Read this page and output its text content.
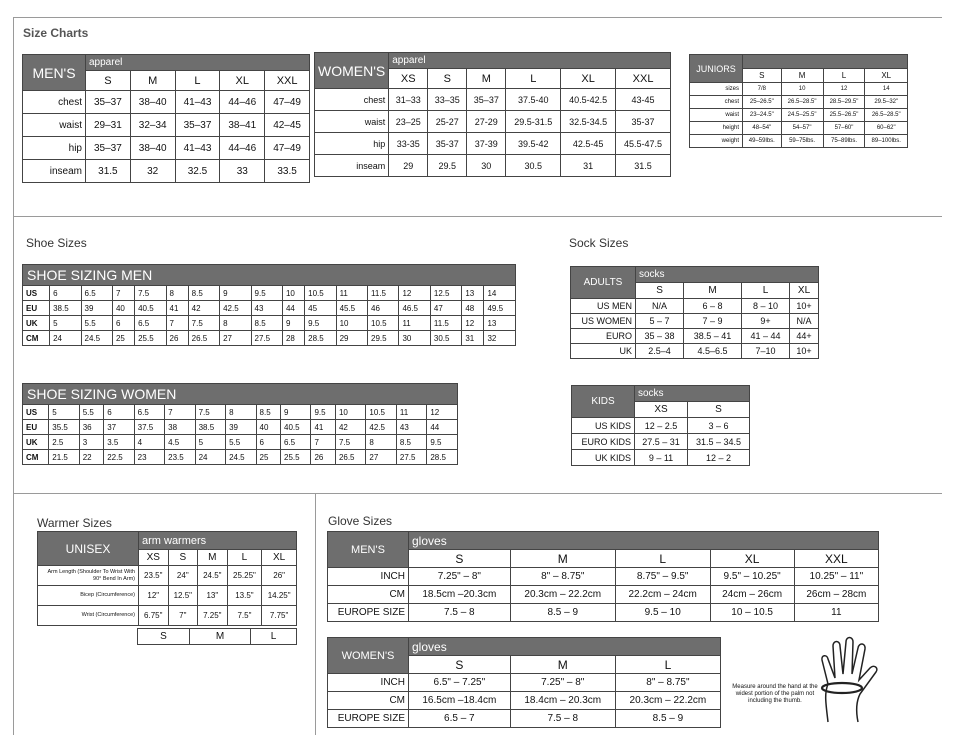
Size Charts
MEN'S	apparel				
	S	M	L	XL	XXL
chest	35–37	38–40	41–43	44–46	47–49
waist	29–31	32–34	35–37	38–41	42–45
hip	35–37	38–40	41–43	44–46	47–49
inseam	31.5	32	32.5	33	33.5
WOMEN'S	apparel					
	XS	S	M	L	XL	XXL
chest	31–33	33–35	35–37	37.5-40	40.5-42.5	43-45
waist	23–25	25-27	27-29	29.5-31.5	32.5-34.5	35-37
hip	33-35	35-37	37-39	39.5-42	42.5-45	45.5-47.5
inseam	29	29.5	30	30.5	31	31.5
JUNIORS				
	S	M	L	XL
sizes	7/8	10	12	14
chest	25–26.5"	26.5–28.5"	28.5–29.5"	29.5–32"
waist	23–24.5"	24.5–25.5"	25.5–26.5"	26.5–28.5"
height	48–54"	54–57"	57–60"	60–62"
weight	49–59lbs.	59–75lbs.	75–89lbs.	89–100lbs.
Shoe Sizes
SHOE SIZING MEN																
US	6	6.5	7	7.5	8	8.5	9	9.5	10	10.5	11	11.5	12	12.5	13	14
EU	38.5	39	40	40.5	41	42	42.5	43	44	45	45.5	46	46.5	47	48	49.5
UK	5	5.5	6	6.5	7	7.5	8	8.5	9	9.5	10	10.5	11	11.5	12	13
CM	24	24.5	25	25.5	26	26.5	27	27.5	28	28.5	29	29.5	30	30.5	31	32
SHOE SIZING WOMEN														
US	5	5.5	6	6.5	7	7.5	8	8.5	9	9.5	10	10.5	11	12
EU	35.5	36	37	37.5	38	38.5	39	40	40.5	41	42	42.5	43	44
UK	2.5	3	3.5	4	4.5	5	5.5	6	6.5	7	7.5	8	8.5	9.5
CM	21.5	22	22.5	23	23.5	24	24.5	25	25.5	26	26.5	27	27.5	28.5
Sock Sizes
ADULTS	socks			
	S	M	L	XL
US MEN	N/A	6 – 8	8 – 10	10+
US WOMEN	5 – 7	7 – 9	9+	N/A
EURO	35 – 38	38.5 – 41	41 – 44	44+
UK	2.5–4	4.5–6.5	7–10	10+
KIDS	socks	
	XS	S
US KIDS	12 – 2.5	3 – 6
EURO KIDS	27.5 – 31	31.5 – 34.5
UK KIDS	9 – 11	12 – 2
Warmer Sizes
UNISEX	arm warmers				
	XS	S	M	L	XL
Arm Length (Shoulder To Wrist With 90° Bend In Arm)	23.5"	24"	24.5"	25.25"	26"
Bicep (Circumference)	12"	12.5"	13"	13.5"	14.25"
Wrist (Circumference)	6.75"	7"	7.25"	7.5"	7.75"
S	M	L
Glove Sizes
MEN'S	gloves				
	S	M	L	XL	XXL
INCH	7.25" – 8"	8" – 8.75"	8.75" – 9.5"	9.5" – 10.25"	10.25" – 11"
CM	18.5cm –20.3cm	20.3cm – 22.2cm	22.2cm – 24cm	24cm – 26cm	26cm – 28cm
EUROPE SIZE	7.5 – 8	8.5 – 9	9.5 – 10	10 – 10.5	11
WOMEN'S	gloves		
	S	M	L
INCH	6.5" – 7.25"	7.25" – 8"	8" – 8.75"
CM	16.5cm –18.4cm	18.4cm – 20.3cm	20.3cm – 22.2cm
EUROPE SIZE	6.5 – 7	7.5 – 8	8.5 – 9
Measure around the hand at the widest portion of the palm not including the thumb.
